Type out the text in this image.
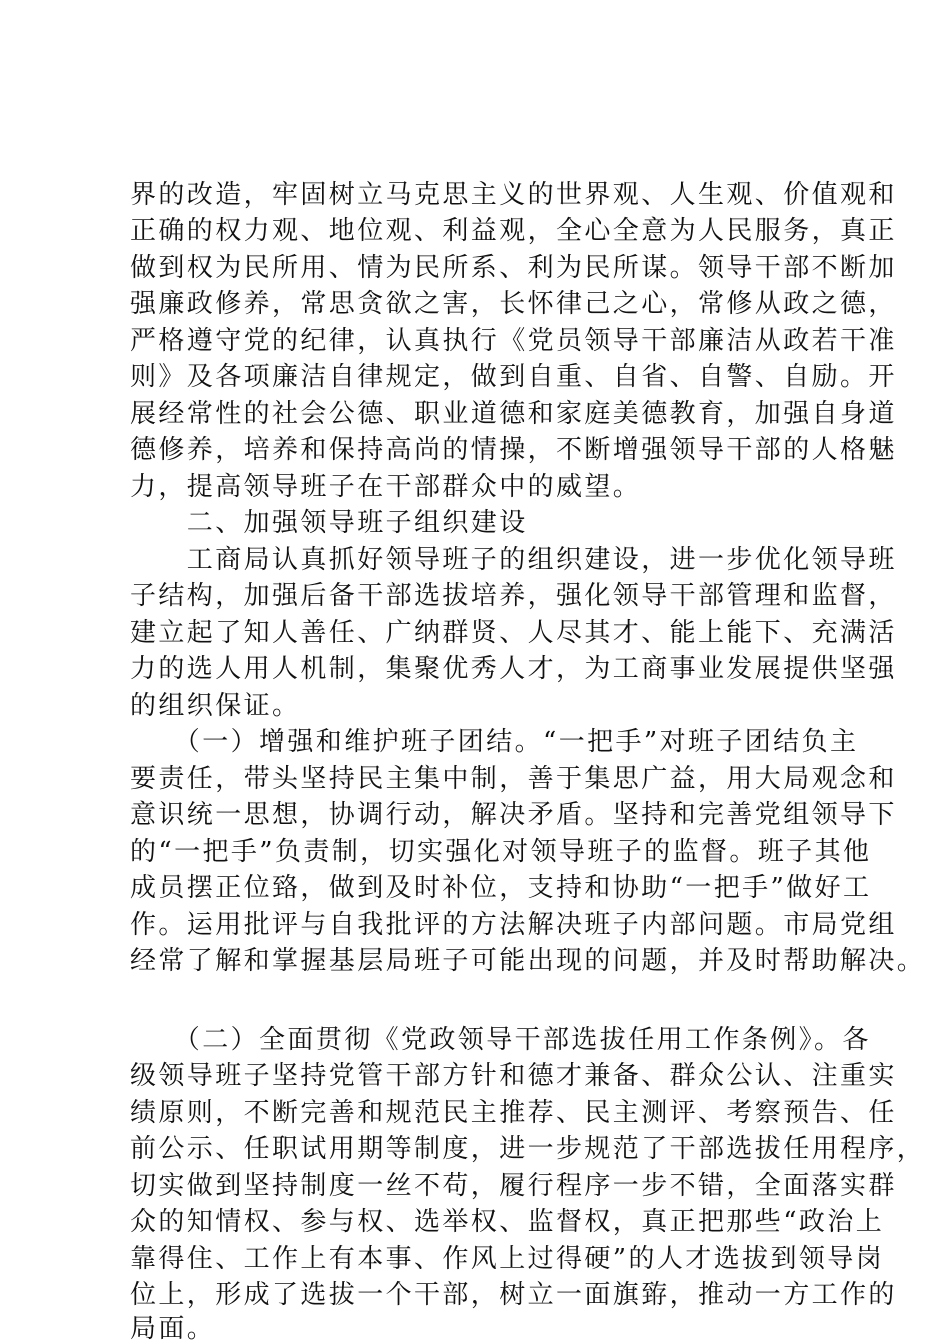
界的改造，牢固树立马克思主义的世界观、人生观、价值观和
正确的权力观、地位观、利益观，全心全意为人民服务，真正
做到权为民所用、情为民所系、利为民所谋。领导干部不断加
强廉政修养，常思贪欲之害，长怀律己之心，常修从政之德，
严格遵守党的纪律，认真执行《党员领导干部廉洁从政若干准
则》及各项廉洁自律规定，做到自重、自省、自警、自励。开
展经常性的社会公德、职业道德和家庭美德教育，加强自身道
德修养，培养和保持高尚的情操，不断增强领导干部的人格魅
力，提高领导班子在干部群众中的威望。
　　二、加强领导班子组织建设
　　工商局认真抓好领导班子的组织建设，进一步优化领导班
子结构，加强后备干部选拔培养，强化领导干部管理和监督，
建立起了知人善任、广纳群贤、人尽其才、能上能下、充满活
力的选人用人机制，集聚优秀人才，为工商事业发展提供坚强
的组织保证。
　　（一）增强和维护班子团结。“一把手”对班子团结负主
要责任，带头坚持民主集中制，善于集思广益，用大局观念和
意识统一思想，协调行动，解决矛盾。坚持和完善党组领导下
的“一把手”负责制，切实强化对领导班子的监督。班子其他
成员摆正位臵，做到及时补位，支持和协助“一把手”做好工
作。运用批评与自我批评的方法解决班子内部问题。市局党组
经常了解和掌握基层局班子可能出现的问题，并及时帮助解决。
　　（二）全面贯彻《党政领导干部选拔任用工作条例》。各
级领导班子坚持党管干部方针和德才兼备、群众公认、注重实
绩原则，不断完善和规范民主推荐、民主测评、考察预告、任
前公示、任职试用期等制度，进一步规范了干部选拔任用程序，
切实做到坚持制度一丝不苟，履行程序一步不错，全面落实群
众的知情权、参与权、选举权、监督权，真正把那些“政治上
靠得住、工作上有本事、作风上过得硬”的人才选拔到领导岗
位上，形成了选拔一个干部，树立一面旗臶，推动一方工作的
局面。
